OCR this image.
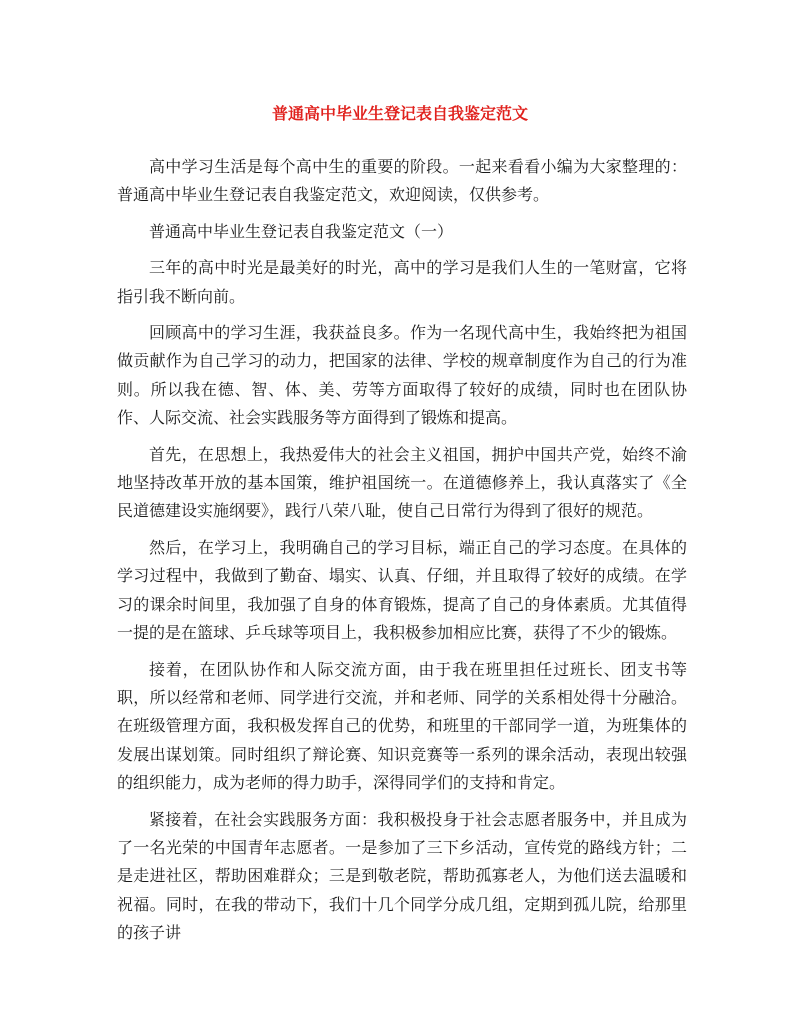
普通高中毕业生登记表自我鉴定范文

高中学习生活是每个高中生的重要的阶段。一起来看看小编为大家整理的：普通高中毕业生登记表自我鉴定范文，欢迎阅读，仅供参考。

普通高中毕业生登记表自我鉴定范文（一）

三年的高中时光是最美好的时光，高中的学习是我们人生的一笔财富，它将指引我不断向前。

回顾高中的学习生涯，我获益良多。作为一名现代高中生，我始终把为祖国做贡献作为自己学习的动力，把国家的法律、学校的规章制度作为自己的行为准则。所以我在德、智、体、美、劳等方面取得了较好的成绩，同时也在团队协作、人际交流、社会实践服务等方面得到了锻炼和提高。

首先，在思想上，我热爱伟大的社会主义祖国，拥护中国共产党，始终不渝地坚持改革开放的基本国策，维护祖国统一。在道德修养上，我认真落实了《全民道德建设实施纲要》，践行八荣八耻，使自己日常行为得到了很好的规范。

然后，在学习上，我明确自己的学习目标，端正自己的学习态度。在具体的学习过程中，我做到了勤奋、塌实、认真、仔细，并且取得了较好的成绩。在学习的课余时间里，我加强了自身的体育锻炼，提高了自己的身体素质。尤其值得一提的是在篮球、乒乓球等项目上，我积极参加相应比赛，获得了不少的锻炼。

接着，在团队协作和人际交流方面，由于我在班里担任过班长、团支书等职，所以经常和老师、同学进行交流，并和老师、同学的关系相处得十分融洽。在班级管理方面，我积极发挥自己的优势，和班里的干部同学一道，为班集体的发展出谋划策。同时组织了辩论赛、知识竞赛等一系列的课余活动，表现出较强的组织能力，成为老师的得力助手，深得同学们的支持和肯定。

紧接着，在社会实践服务方面：我积极投身于社会志愿者服务中，并且成为了一名光荣的中国青年志愿者。一是参加了三下乡活动，宣传党的路线方针；二是走进社区，帮助困难群众；三是到敬老院，帮助孤寡老人，为他们送去温暖和祝福。同时，在我的带动下，我们十几个同学分成几组，定期到孤儿院，给那里的孩子讲
